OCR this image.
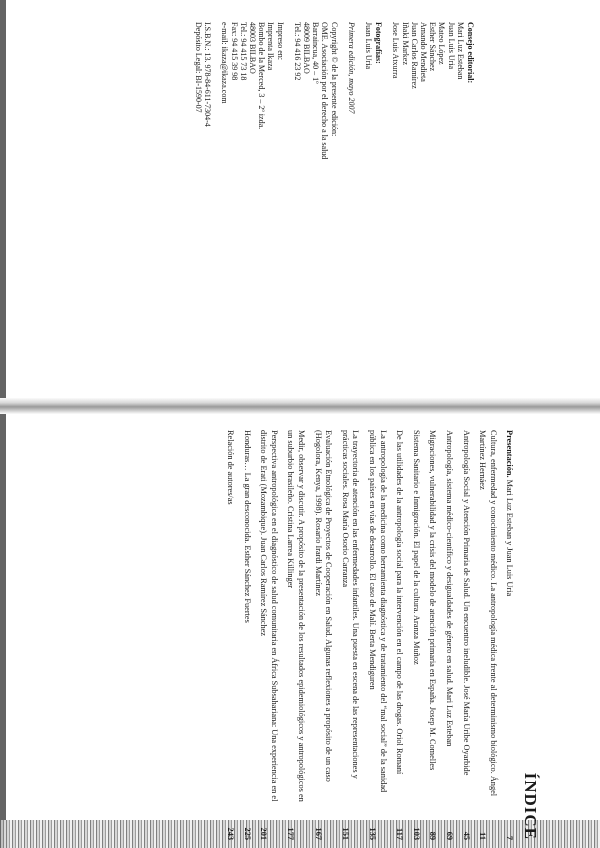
Consejo editorial:
Mari Luz Esteban
Juan Luis Uria
Mateo López
Esther Sánchez
Amando Mendieta
Juan Carlos Ramírez
Iñaki Markez
Jose Luis Atxurra
Fotografías:
Juan Luis Uria
Primera edición, mayo 2007
Copyright © de la presente edición:
OME. Asociación por el derecho a la salud
Barraincua, 40 – 1º
48009 BILBAO
Tel.: 94 416 23 92
Impreso en:
Imprenta Ikaza
Bombo de la Merced, 3 – 2º izda.
48003 BILBAO
Tel.: 94 415 73 18
Fax: 94 415 39 98
e-mail: ikaza@ikaza.com
I.S.B.N.: 13. 978-84-611-7304-4
Depósito Legal: BI-1590-07
ÍNDICE
Presentación. Mari Luz Esteban y Juan Luis Uria
7
Cultura, enfermedad y conocimiento médico. La antropología médica frente al determinismo biológico. Ángel Martínez Hernáez
11
Antropología Social y Atención Primaria de Salud. Un encuentro ineludible. José María Uribe Oyarbide
45
Antropología, sistema médico-científico y desigualdades de género en salud. Mari Luz Esteban
69
Migraciones, vulnerabilidad y la crisis del modelo de atención primaria en España. Josep M. Comelles
89
Sistema Sanitario e Inmigración. El papel de la cultura. Aranza Muñoz
103
De las utilidades de la antropología social para la intervención en el campo de las drogas. Oriol Romaní
117
La antropología de la medicina como herramienta diagnóstica y de tratamiento del “mal social” de la sanidad pública en los países en vías de desarrollo. El caso de Malí. Berta Mendiguren
135
La trayectoria de atención en las enfermedades infantiles. Una puesta en escena de las representaciones y prácticas sociales. Rosa María Osorio Carranza
151
Evaluación Etnológica de Proyectos de Cooperación en Salud. Algunas reflexiones a propósito de un caso (Hogolora, Kenya, 1998). Rosario Irardi Martínez
167
Medir, observar y discutir. A propósito de la presentación de los resultados epidemiológicos y antropológicos en un suburbio brasileño. Cristina Larrea Killinger
177
Perspectiva antropológica en el diagnóstico de salud comunitaria en África Subsahariana: Una experiencia en el distrito de Erati (Mozambique). Juan Carlos Ramírez Sánchez
201
Honduras… La gran desconocida. Esther Sánchez Fuertes
225
Relación de autores/as
243
